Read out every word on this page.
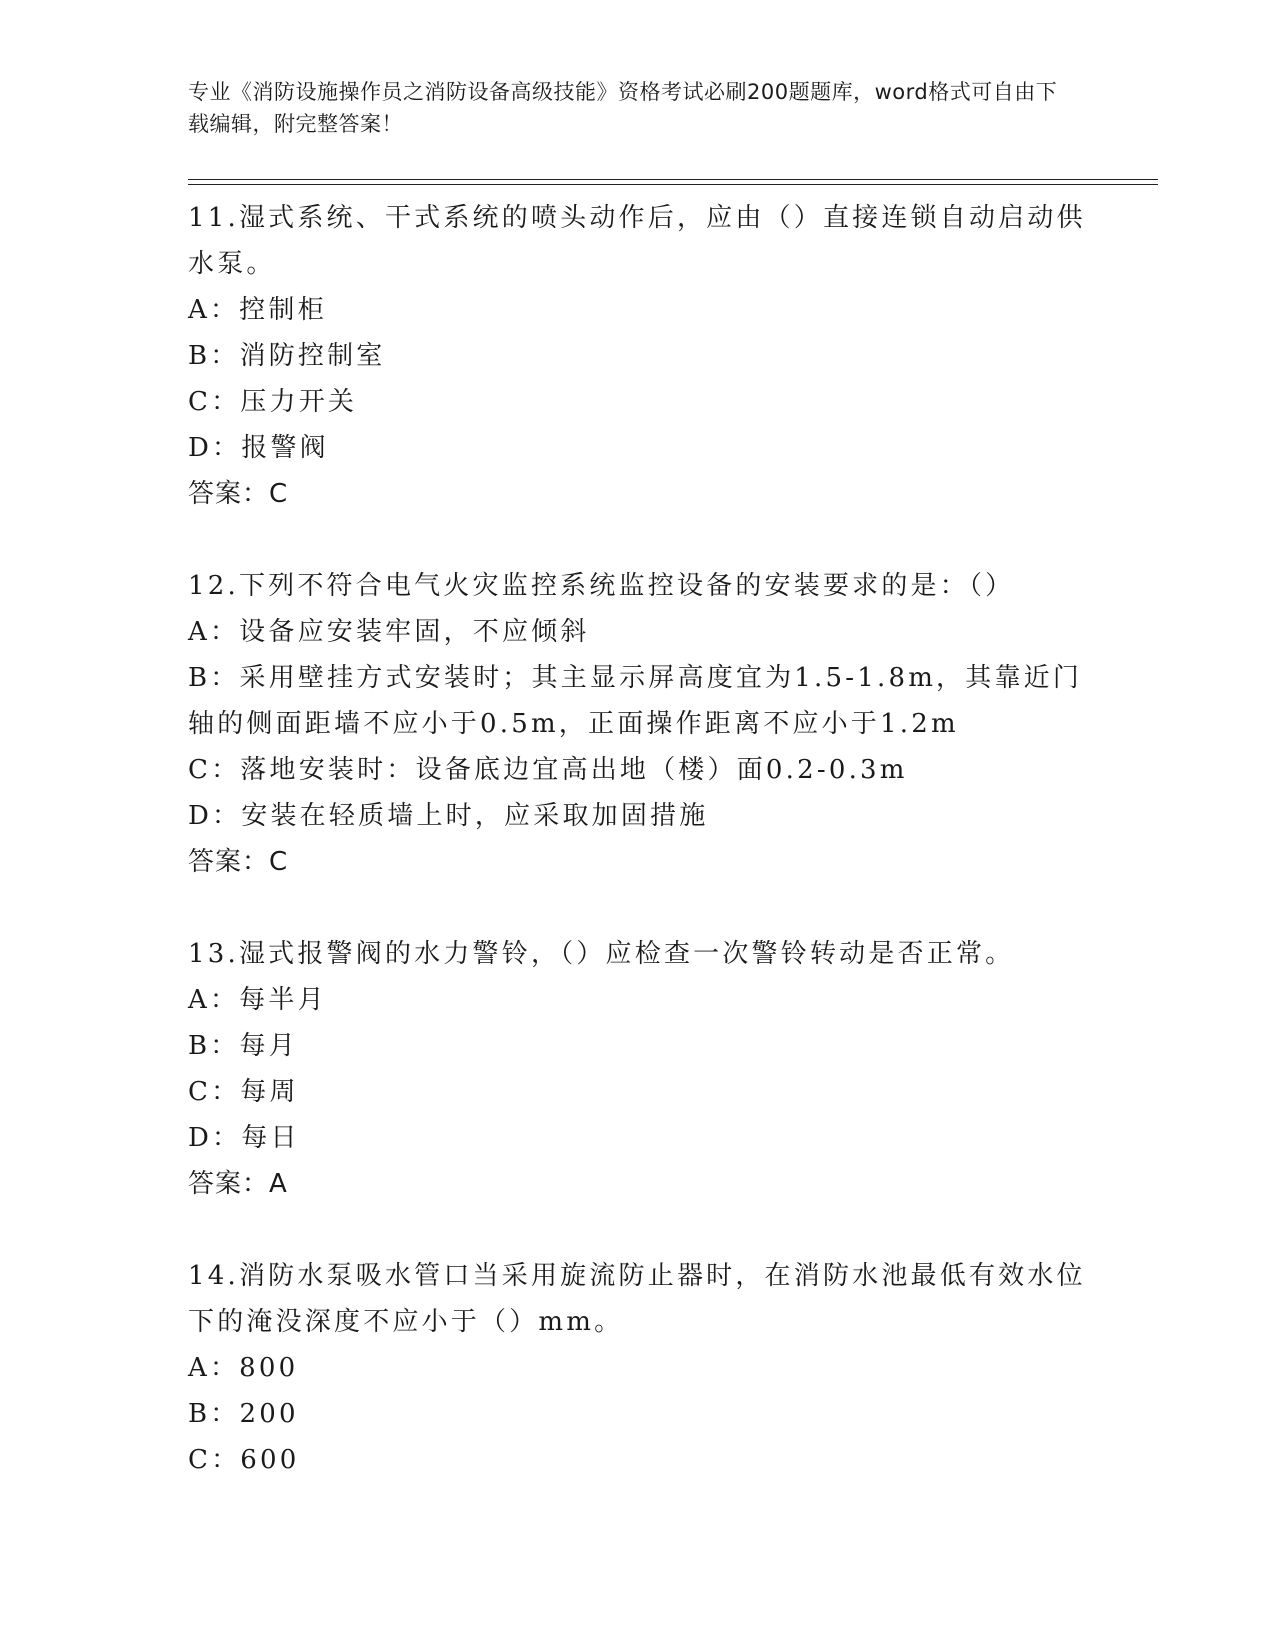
专业《消防设施操作员之消防设备高级技能》资格考试必刷200题题库，word格式可自由下载编辑，附完整答案！
11.湿式系统、干式系统的喷头动作后，应由（）直接连锁自动启动供水泵。
A：控制柜
B：消防控制室
C：压力开关
D：报警阀
答案：C
12.下列不符合电气火灾监控系统监控设备的安装要求的是：（）
A：设备应安装牢固，不应倾斜
B：采用壁挂方式安装时；其主显示屏高度宜为1.5-1.8m，其靠近门轴的侧面距墙不应小于0.5m，正面操作距离不应小于1.2m
C：落地安装时：设备底边宜高出地（楼）面0.2-0.3m
D：安装在轻质墙上时，应采取加固措施
答案：C
13.湿式报警阀的水力警铃，（）应检查一次警铃转动是否正常。
A：每半月
B：每月
C：每周
D：每日
答案：A
14.消防水泵吸水管口当采用旋流防止器时，在消防水池最低有效水位下的淹没深度不应小于（）mm。
A：800
B：200
C：600
